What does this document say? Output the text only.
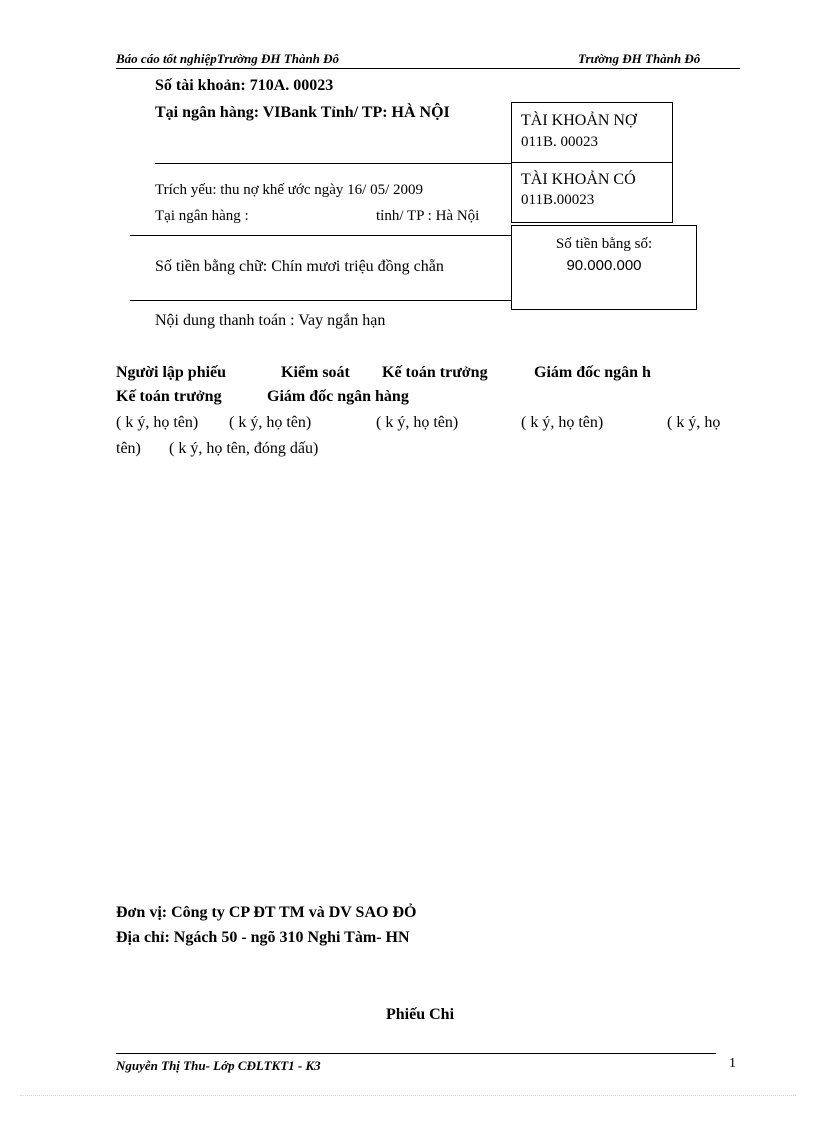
Báo cáo tốt nghiệpTrường ĐH Thành Đô	Trường ĐH Thành Đô
Số tài khoản: 710A. 00023
Tại ngân hàng: VIBank Tỉnh/ TP: HÀ NỘI
Trích yếu: thu nợ khế ước ngày 16/ 05/ 2009
Tại ngân hàng :	tỉnh/ TP : Hà Nội
Số tiền bằng chữ: Chín mươi triệu đồng chẵn
Nội dung thanh toán : Vay ngắn hạn
TÀI KHOẢN NỢ
011B. 00023
TÀI KHOẢN CÓ
011B.00023
Số tiền bằng số:
90.000.000
Người lập phiếu	Kiểm soát Kế toán trưởng	Giám đốc ngân h
Kế toán trưởng	Giám đốc ngân hàng
( k ý, họ tên) ( k ý, họ tên)	( k ý, họ tên)	( k ý, họ tên)	( k ý, họ
tên) ( k ý, họ tên, đóng dấu)
Đơn vị: Công ty CP ĐT TM và DV SAO ĐỎ
Địa chỉ: Ngách 50 - ngõ 310 Nghi Tàm- HN
Phiếu Chi
Nguyễn Thị Thu- Lớp CĐLTKT1 - K3	1
